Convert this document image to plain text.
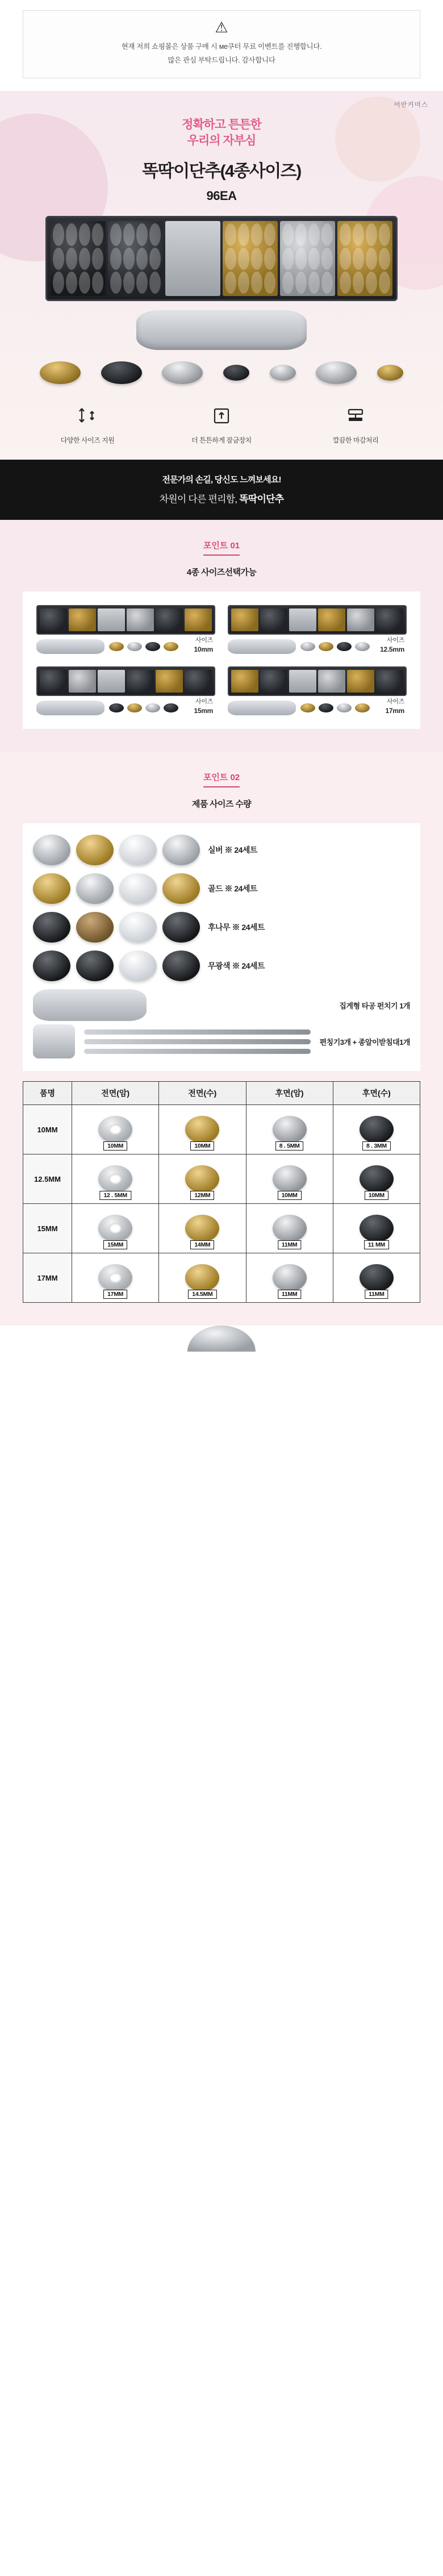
⚠
현재 저희 쇼핑몰은 상품 구매 시 ме쿠터 무료 이벤트를 진행합니다.
많은 관심 부탁드립니다. 감사합니다
어반커머스
정확하고 튼튼한
우리의 자부심
똑딱이단추(4종사이즈)
96EA
다양한 사이즈 지원	더 튼튼하게 잠금장치	깔끔한 마감처리
전문가의 손길, 당신도 느껴보세요!
차원이 다른 편리함, 똑딱이단추
포인트 01
4종 사이즈선택가능
사이즈
10mm
사이즈
12.5mm
사이즈
15mm
사이즈
17mm
포인트 02
제품 사이즈 수량
실버 ※ 24세트
골드 ※ 24세트
후나무 ※ 24세트
무광색 ※ 24세트
집게형 타공 펀치기 1개
편칭기3개 + 종알이받침대1개
품명	전면(암)	전면(수)	후면(암)	후면(수)
10MM	10MM	10MM	8 . 5MM	8 . 3MM

12.5MM	12 . 5MM	12MM	10MM	10MM

15MM	15MM	14MM	11MM	11 MM

17MM	17MM	14.5MM	11MM	11MM
